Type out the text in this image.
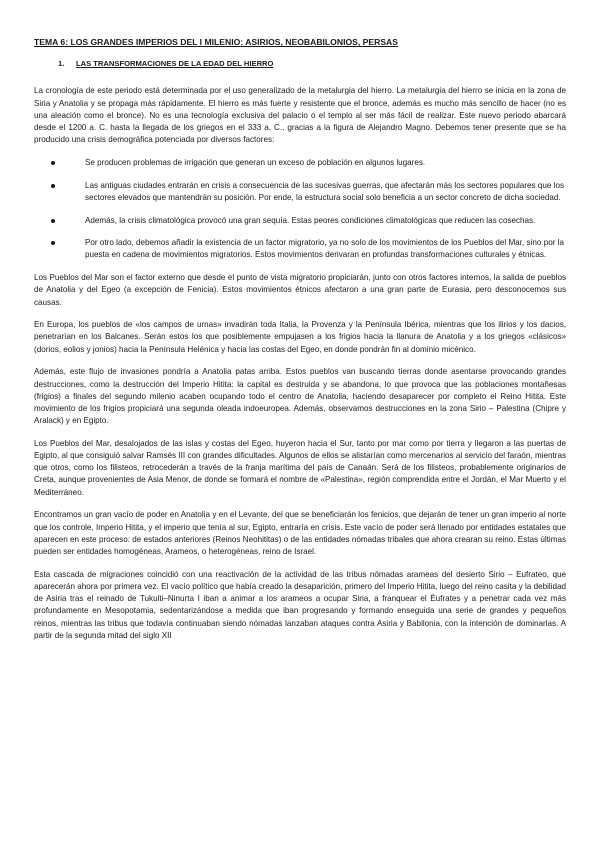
TEMA 6: LOS GRANDES IMPERIOS DEL I MILENIO: ASIRIOS, NEOBABILONIOS, PERSAS
1. LAS TRANSFORMACIONES DE LA EDAD DEL HIERRO

La cronología de este periodo está determinada por el uso generalizado de la metalurgia del hierro. La metalurgia del hierro se inicia en la zona de Siria y Anatolia y se propaga más rápidamente. El hierro es más fuerte y resistente que el bronce, además es mucho más sencillo de hacer (no es una aleación como el bronce). No es una tecnología exclusiva del palacio o el templo al ser más fácil de realizar. Este nuevo periodo abarcará desde el 1200 a. C. hasta la llegada de los griegos en el 333 a. C., gracias a la figura de Alejandro Magno. Debemos tener presente que se ha producido una crisis demográfica potenciada por diversos factores:

Se producen problemas de irrigación que generan un exceso de población en algunos lugares.
Las antiguas ciudades entrarán en crisis a consecuencia de las sucesivas guerras, que afectarán más los sectores populares que los sectores elevados que mantendrán su posición. Por ende, la estructura social solo beneficia a un sector concreto de dicha sociedad.
Además, la crisis climatológica provocó una gran sequía. Estas peores condiciones climatológicas que reducen las cosechas.
Por otro lado, debemos añadir la existencia de un factor migratorio, ya no solo de los movimientos de los Pueblos del Mar, sino por la puesta en cadena de movimientos migratorios. Estos movimientos derivaran en profundas transformaciones culturales y étnicas.

Los Pueblos del Mar son el factor externo que desde el punto de vista migratorio propiciarán, junto con otros factores internos, la salida de pueblos de Anatolia y del Egeo (a excepción de Fenicia). Estos movimientos étnicos afectaron a una gran parte de Eurasia, pero desconocemos sus causas.

En Europa, los pueblos de «los campos de urnas» invadirán toda Italia, la Provenza y la Península Ibérica, mientras que los ilirios y los dacios, penetrarían en los Balcanes. Serán estos los que posiblemente empujasen a los frigios hacia la llanura de Anatolia y a los griegos «clásicos» (dorios, eolios y jonios) hacia la Península Helénica y hacia las costas del Egeo, en donde pondrán fin al dominio micénico.

Además, este flujo de invasiones pondría a Anatolia patas arriba. Estos pueblos van buscando tierras donde asentarse provocando grandes destrucciones, como la destrucción del Imperio Hitita: la capital es destruida y se abandona, lo que provoca que las poblaciones montañesas (frigios) a finales del segundo milenio acaben ocupando todo el centro de Anatolia, haciendo desaparecer por completo el Reino Hitita. Este movimiento de los frigios propiciará una segunda oleada indoeuropea. Además, observamos destrucciones en la zona Sirio – Palestina (Chipre y Aralack) y en Egipto.

Los Pueblos del Mar, desalojados de las islas y costas del Egeo, huyeron hacia el Sur, tanto por mar como por tierra y llegaron a las puertas de Egipto, al que consiguió salvar Ramsés III con grandes dificultades. Algunos de ellos se alistarían como mercenarios al servicio del faraón, mientras que otros, como los filisteos, retrocederán a través de la franja marítima del país de Canaán. Será de los filisteos, probablemente originarios de Creta, aunque provenientes de Asia Menor, de donde se formará el nombre de «Palestina», región comprendida entre el Jordán, el Mar Muerto y el Mediterráneo.

Encontramos un gran vacío de poder en Anatolia y en el Levante, del que se beneficiarán los fenicios, que dejarán de tener un gran imperio al norte que los controle, Imperio Hitita, y el imperio que tenía al sur, Egipto, entraría en crisis. Este vacío de poder será llenado por entidades estatales que aparecen en este proceso: de estados anteriores (Reinos Neohititas) o de las entidades nómadas tribales que ahora crearan su reino. Estas últimas pueden ser entidades homogéneas, Arameos, o heterogéneas, reino de Israel.

Esta cascada de migraciones coincidió con una reactivación de la actividad de las tribus nómadas arameas del desierto Sirio – Eufrateo, que aparecerán ahora por primera vez. El vacío político que había creado la desaparición, primero del Imperio Hitita, luego del reino casita y la debilidad de Asiria tras el reinado de Tukulti–Ninurta I iban a animar a los arameos a ocupar Siria, a franquear el Éufrates y a penetrar cada vez más profundamente en Mesopotamia, sedentarizándose a medida que iban progresando y formando enseguida una serie de grandes y pequeños reinos, mientras las tribus que todavía continuaban siendo nómadas lanzaban ataques contra Asiria y Babilonia, con la intención de dominarlas. A partir de la segunda mitad del siglo XII
